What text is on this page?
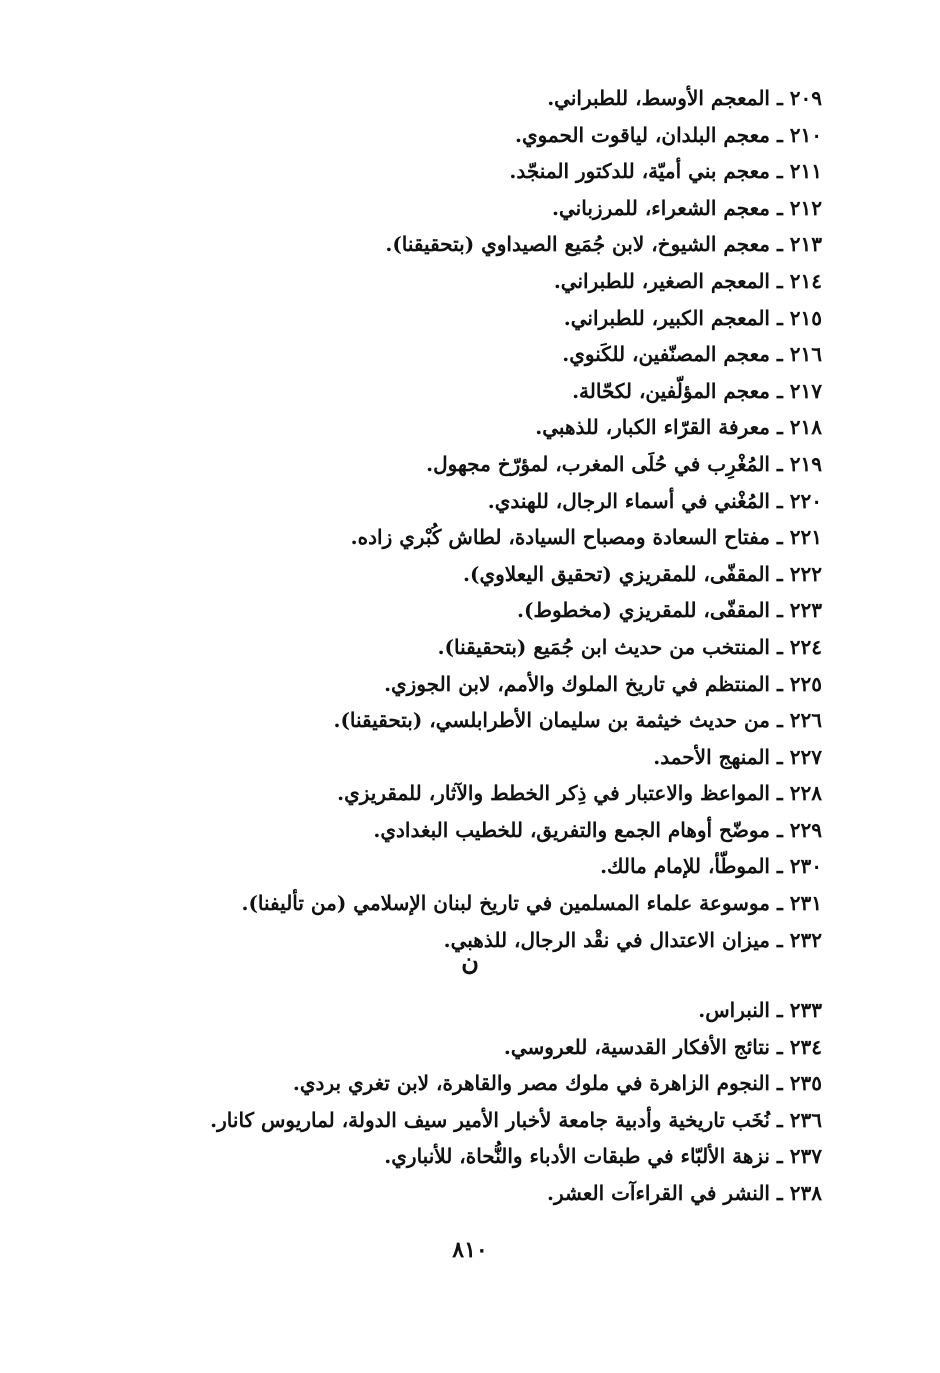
٢٠٩ ـ المعجم الأوسط، للطبراني.
٢١٠ ـ معجم البلدان، لياقوت الحموي.
٢١١ ـ معجم بني أميّة، للدكتور المنجّد.
٢١٢ ـ معجم الشعراء، للمرزباني.
٢١٣ ـ معجم الشيوخ، لابن جُمَيع الصيداوي (بتحقيقنا).
٢١٤ ـ المعجم الصغير، للطبراني.
٢١٥ ـ المعجم الكبير، للطبراني.
٢١٦ ـ معجم المصنّفين، للكَنوي.
٢١٧ ـ معجم المؤلّفين، لكحّالة.
٢١٨ ـ معرفة القرّاء الكبار، للذهبي.
٢١٩ ـ المُغْرِب في حُلَى المغرب، لمؤرّخ مجهول.
٢٢٠ ـ المُغْني في أسماء الرجال، للهندي.
٢٢١ ـ مفتاح السعادة ومصباح السيادة، لطاش كُبْري زاده.
٢٢٢ ـ المقفّى، للمقريزي (تحقيق اليعلاوي).
٢٢٣ ـ المقفّى، للمقريزي (مخطوط).
٢٢٤ ـ المنتخب من حديث ابن جُمَيع (بتحقيقنا).
٢٢٥ ـ المنتظم في تاريخ الملوك والأمم، لابن الجوزي.
٢٢٦ ـ من حديث خيثمة بن سليمان الأطرابلسي، (بتحقيقنا).
٢٢٧ ـ المنهج الأحمد.
٢٢٨ ـ المواعظ والاعتبار في ذِكر الخطط والآثار، للمقريزي.
٢٢٩ ـ موضّح أوهام الجمع والتفريق، للخطيب البغدادي.
٢٣٠ ـ الموطّأ، للإمام مالك.
٢٣١ ـ موسوعة علماء المسلمين في تاريخ لبنان الإسلامي (من تأليفنا).
٢٣٢ ـ ميزان الاعتدال في نقْد الرجال، للذهبي.

ن

٢٣٣ ـ النبراس.
٢٣٤ ـ نتائج الأفكار القدسية، للعروسي.
٢٣٥ ـ النجوم الزاهرة في ملوك مصر والقاهرة، لابن تغري بردي.
٢٣٦ ـ نُخَب تاريخية وأدبية جامعة لأخبار الأمير سيف الدولة، لماريوس كانار.
٢٣٧ ـ نزهة الألبّاء في طبقات الأدباء والنُّحاة، للأنباري.
٢٣٨ ـ النشر في القراءآت العشر.
٨١٠
